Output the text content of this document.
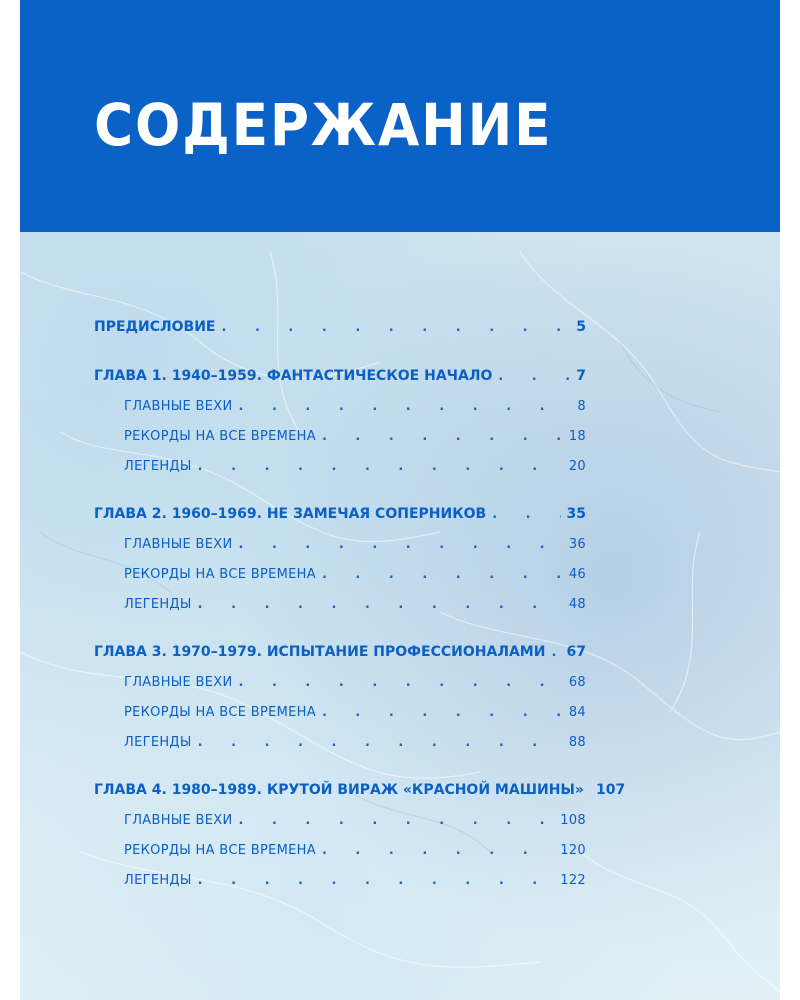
СОДЕРЖАНИЕ
ПРЕДИСЛОВИЕ . . .	5
ГЛАВА 1. 1940–1959. ФАНТАСТИЧЕСКОЕ НАЧАЛО . . .	7
ГЛАВНЫЕ ВЕХИ . . .	8
РЕКОРДЫ НА ВСЕ ВРЕМЕНА . . .	18
ЛЕГЕНДЫ . . .	20
ГЛАВА 2. 1960–1969. НЕ ЗАМЕЧАЯ СОПЕРНИКОВ . . .	35
ГЛАВНЫЕ ВЕХИ . . .	36
РЕКОРДЫ НА ВСЕ ВРЕМЕНА . . .	46
ЛЕГЕНДЫ . . .	48
ГЛАВА 3. 1970–1979. ИСПЫТАНИЕ ПРОФЕССИОНАЛАМИ . . . 67
ГЛАВНЫЕ ВЕХИ . . .	68
РЕКОРДЫ НА ВСЕ ВРЕМЕНА . . .	84
ЛЕГЕНДЫ . . .	88
ГЛАВА 4. 1980–1989. КРУТОЙ ВИРАЖ «КРАСНОЙ МАШИНЫ» 107
ГЛАВНЫЕ ВЕХИ . . .	108
РЕКОРДЫ НА ВСЕ ВРЕМЕНА . . .	120
ЛЕГЕНДЫ . . .	122
